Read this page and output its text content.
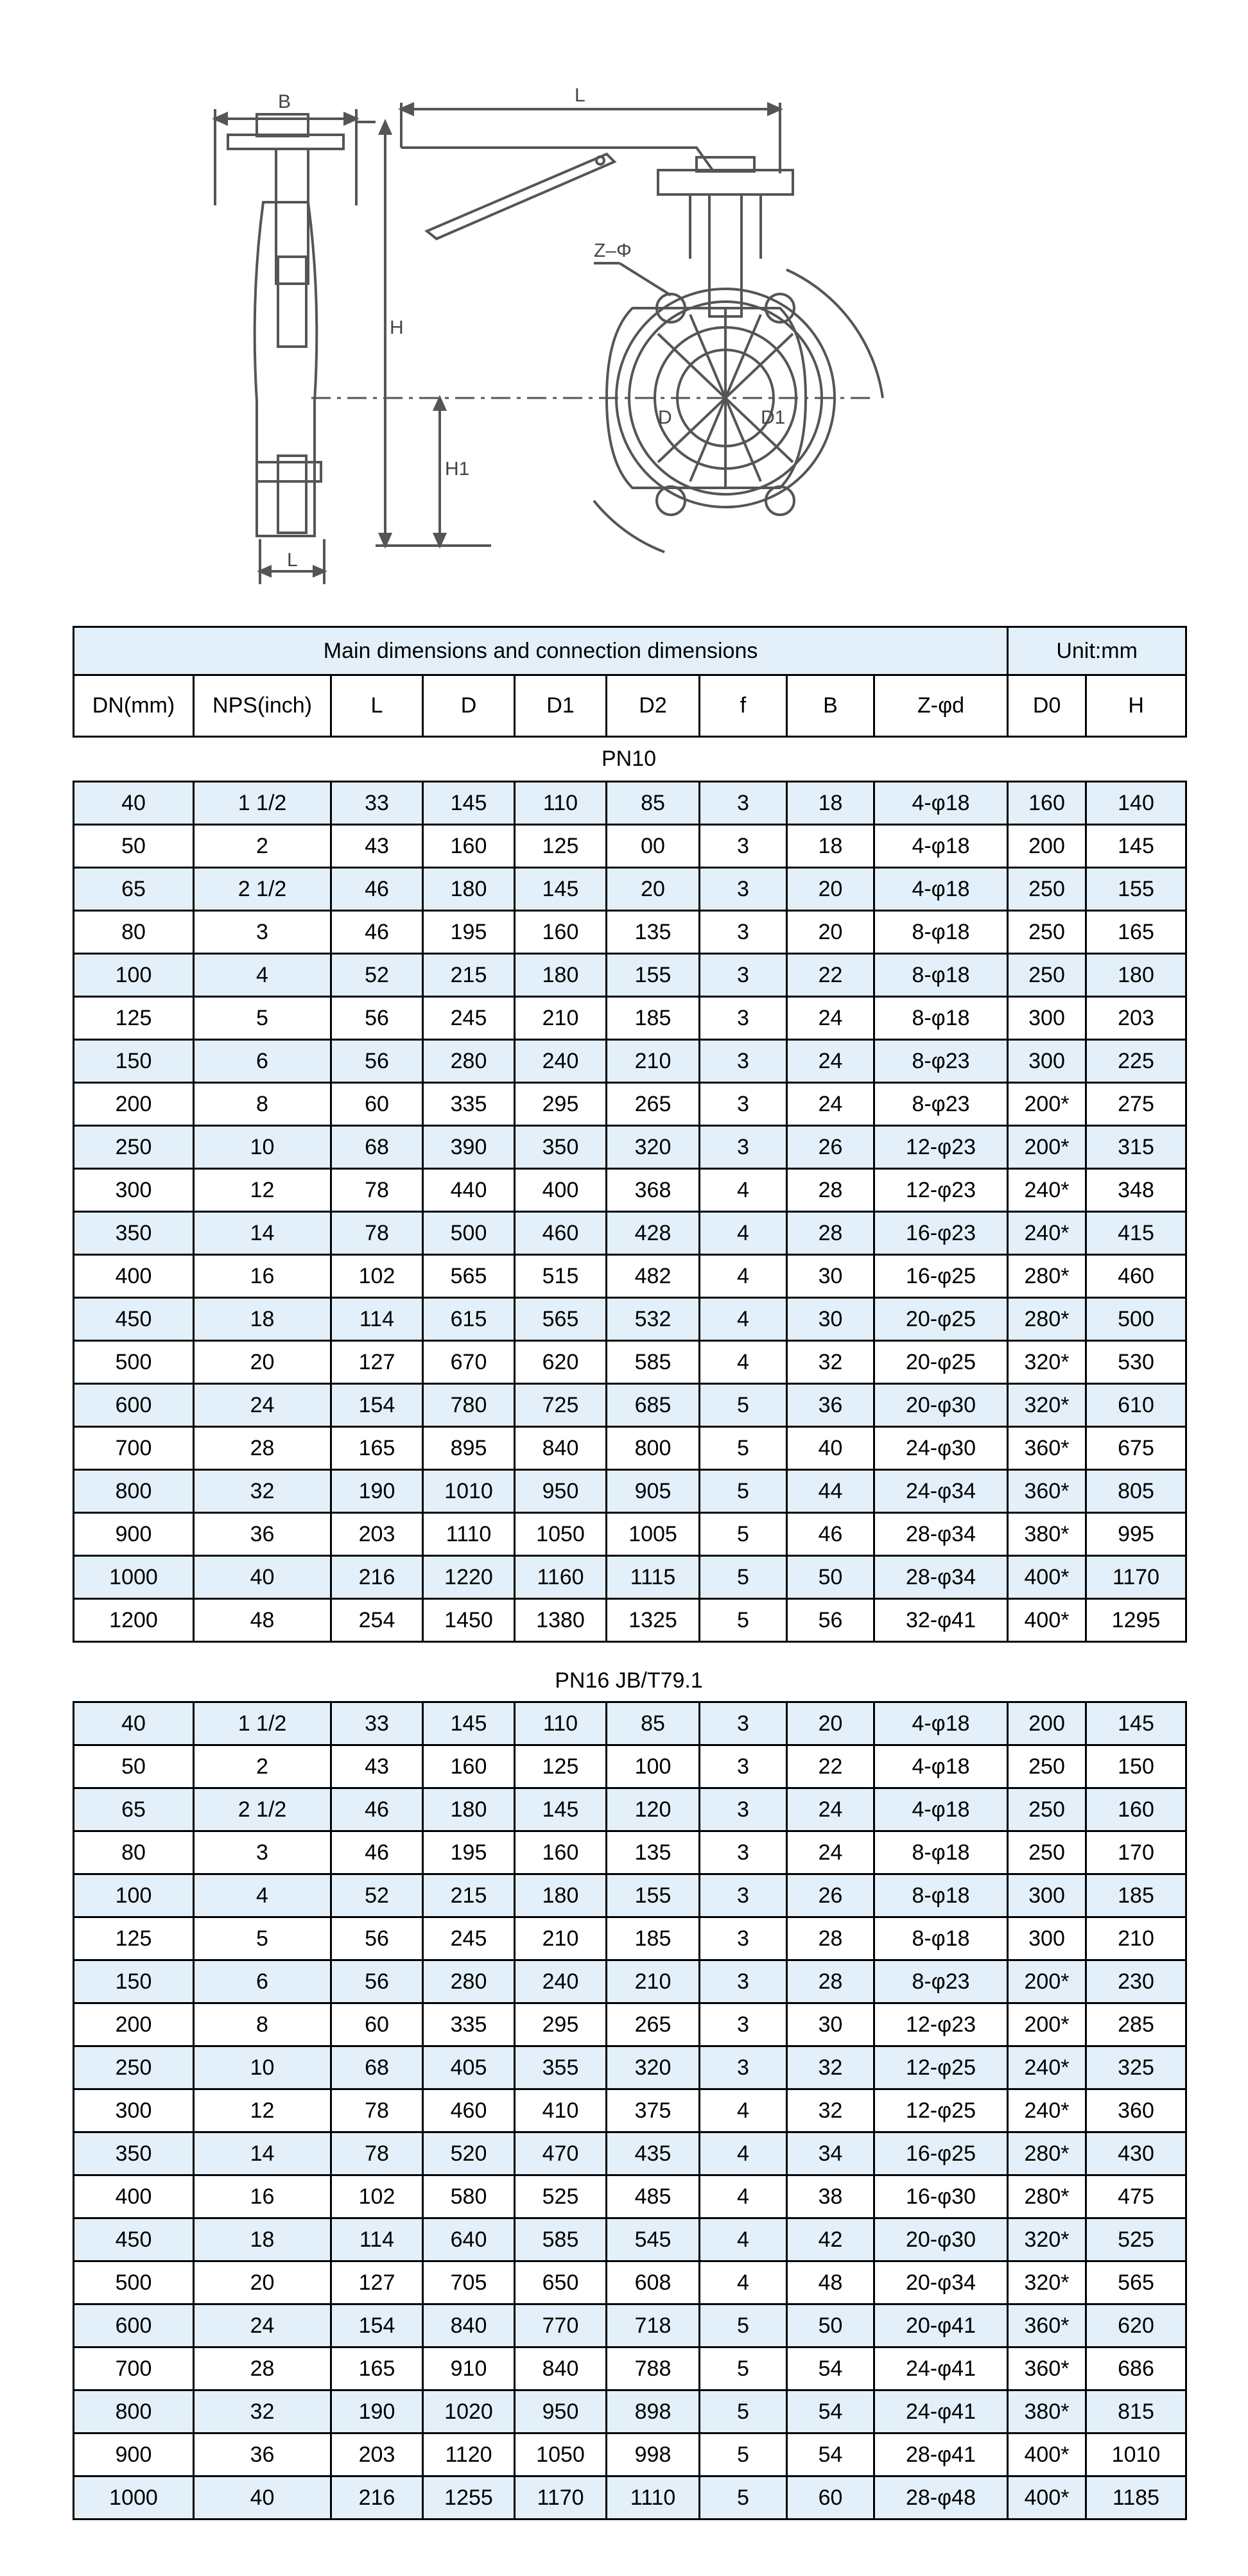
B	L
H
H1
L
Z–Φ
D	D1
Main dimensions and connection dimensions									Unit:mm	
DN(mm)	NPS(inch)	L	D	D1	D2	f	B	Z-φd	D0	H
PN10
40	1 1/2	33	145	110	85	3	18	4-φ18	160	140
50	2	43	160	125	00	3	18	4-φ18	200	145
65	2 1/2	46	180	145	20	3	20	4-φ18	250	155
80	3	46	195	160	135	3	20	8-φ18	250	165
100	4	52	215	180	155	3	22	8-φ18	250	180
125	5	56	245	210	185	3	24	8-φ18	300	203
150	6	56	280	240	210	3	24	8-φ23	300	225
200	8	60	335	295	265	3	24	8-φ23	200*	275
250	10	68	390	350	320	3	26	12-φ23	200*	315
300	12	78	440	400	368	4	28	12-φ23	240*	348
350	14	78	500	460	428	4	28	16-φ23	240*	415
400	16	102	565	515	482	4	30	16-φ25	280*	460
450	18	114	615	565	532	4	30	20-φ25	280*	500
500	20	127	670	620	585	4	32	20-φ25	320*	530
600	24	154	780	725	685	5	36	20-φ30	320*	610
700	28	165	895	840	800	5	40	24-φ30	360*	675
800	32	190	1010	950	905	5	44	24-φ34	360*	805
900	36	203	1110	1050	1005	5	46	28-φ34	380*	995
1000	40	216	1220	1160	1115	5	50	28-φ34	400*	1170
1200	48	254	1450	1380	1325	5	56	32-φ41	400*	1295
PN16 JB/T79.1
40	1 1/2	33	145	110	85	3	20	4-φ18	200	145
50	2	43	160	125	100	3	22	4-φ18	250	150
65	2 1/2	46	180	145	120	3	24	4-φ18	250	160
80	3	46	195	160	135	3	24	8-φ18	250	170
100	4	52	215	180	155	3	26	8-φ18	300	185
125	5	56	245	210	185	3	28	8-φ18	300	210
150	6	56	280	240	210	3	28	8-φ23	200*	230
200	8	60	335	295	265	3	30	12-φ23	200*	285
250	10	68	405	355	320	3	32	12-φ25	240*	325
300	12	78	460	410	375	4	32	12-φ25	240*	360
350	14	78	520	470	435	4	34	16-φ25	280*	430
400	16	102	580	525	485	4	38	16-φ30	280*	475
450	18	114	640	585	545	4	42	20-φ30	320*	525
500	20	127	705	650	608	4	48	20-φ34	320*	565
600	24	154	840	770	718	5	50	20-φ41	360*	620
700	28	165	910	840	788	5	54	24-φ41	360*	686
800	32	190	1020	950	898	5	54	24-φ41	380*	815
900	36	203	1120	1050	998	5	54	28-φ41	400*	1010
1000	40	216	1255	1170	1110	5	60	28-φ48	400*	1185
